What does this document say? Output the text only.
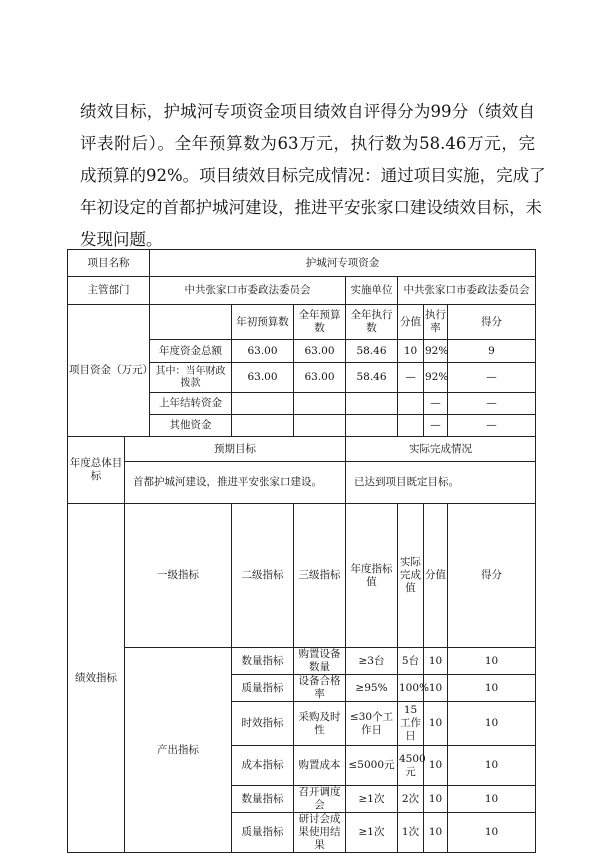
绩效目标，护城河专项资金项目绩效自评得分为99分（绩效自
评表附后）。全年预算数为63万元，执行数为58.46万元，完
成预算的92%。项目绩效目标完成情况：通过项目实施，完成了
年初设定的首都护城河建设，推进平安张家口建设绩效目标，未
发现问题。
项目名称		护城河专项资金							
主管部门		中共张家口市委政法委员会			实施单位	中共张家口市委政法委员会			
项目资金（万元）			年初预算数	全年预算数	全年执行数	分值	执行率	得分	
		年度资金总额	63.00	63.00	58.46	10	92%	9	
		其中：当年财政拨款	63.00	63.00	58.46	—	92%	—	
		上年结转资金					—	—	
		其他资金					—	—	
年度总体目标	预期目标				实际完成情况				
	首都护城河建设，推进平安张家口建设。				已达到项目既定目标。				
绩效指标	一级指标		二级指标	三级指标	年度指标值	实际完成值	分值	得分	
	产出指标		数量指标	购置设备数量	≥3台	5台	10	10	
			质量指标	设备合格率	≥95%	100%	10	10	
			时效指标	采购及时性	≤30个工作日	15工作日	10	10	
			成本指标	购置成本	≤5000元	4500元	10	10	
			数量指标	召开调度会	≥1次	2次	10	10	
			质量指标	研讨会成果使用结果	≥1次	1次	10	10	
